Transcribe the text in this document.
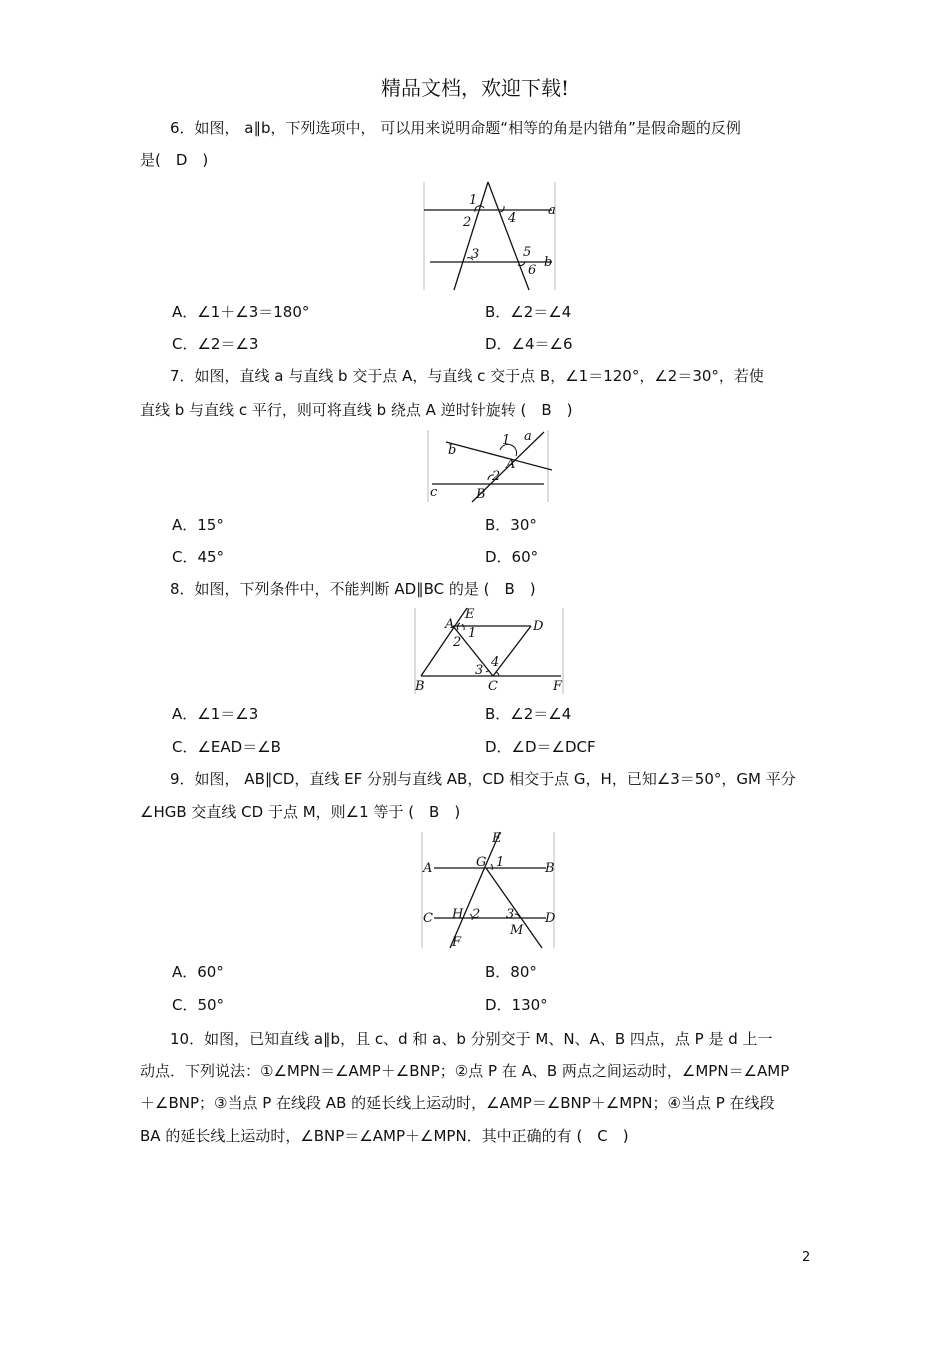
精品文档，欢迎下载!
6．如图， a∥b，下列选项中， 可以用来说明命题“相等的角是内错角”是假命题的反例
是(　D　)
1
2	4
3	5
6
a
b
A．∠1＋∠3＝180°	B．∠2＝∠4
C．∠2＝∠3	D．∠4＝∠6
7．如图，直线 a 与直线 b 交于点 A，与直线 c 交于点 B，∠1＝120°，∠2＝30°，若使
直线 b 与直线 c 平行，则可将直线 b 绕点 A 逆时针旋转 (　B　)
1 a
b
A
2
c	B
A．15°	B．30°
C．45°	D．60°
8．如图，下列条件中，不能判断 AD∥BC 的是 (　B　)
E
A
1
2
D
3
4
B	C	F
A．∠1＝∠3	B．∠2＝∠4
C．∠EAD＝∠B	D．∠D＝∠DCF
9．如图， AB∥CD，直线 EF 分别与直线 AB，CD 相交于点 G，H，已知∠3＝50°，GM 平分
∠HGB 交直线 CD 于点 M，则∠1 等于 (　B　)
E
G 1
A	B
C H 2 3
M
D
F
A．60°	B．80°
C．50°	D．130°
10．如图，已知直线 a∥b，且 c、d 和 a、b 分别交于 M、N、A、B 四点，点 P 是 d 上一
动点．下列说法：①∠MPN＝∠AMP＋∠BNP；②点 P 在 A、B 两点之间运动时，∠MPN＝∠AMP
＋∠BNP；③当点 P 在线段 AB 的延长线上运动时，∠AMP＝∠BNP＋∠MPN；④当点 P 在线段
BA 的延长线上运动时，∠BNP＝∠AMP＋∠MPN．其中正确的有 (　C　)
2
